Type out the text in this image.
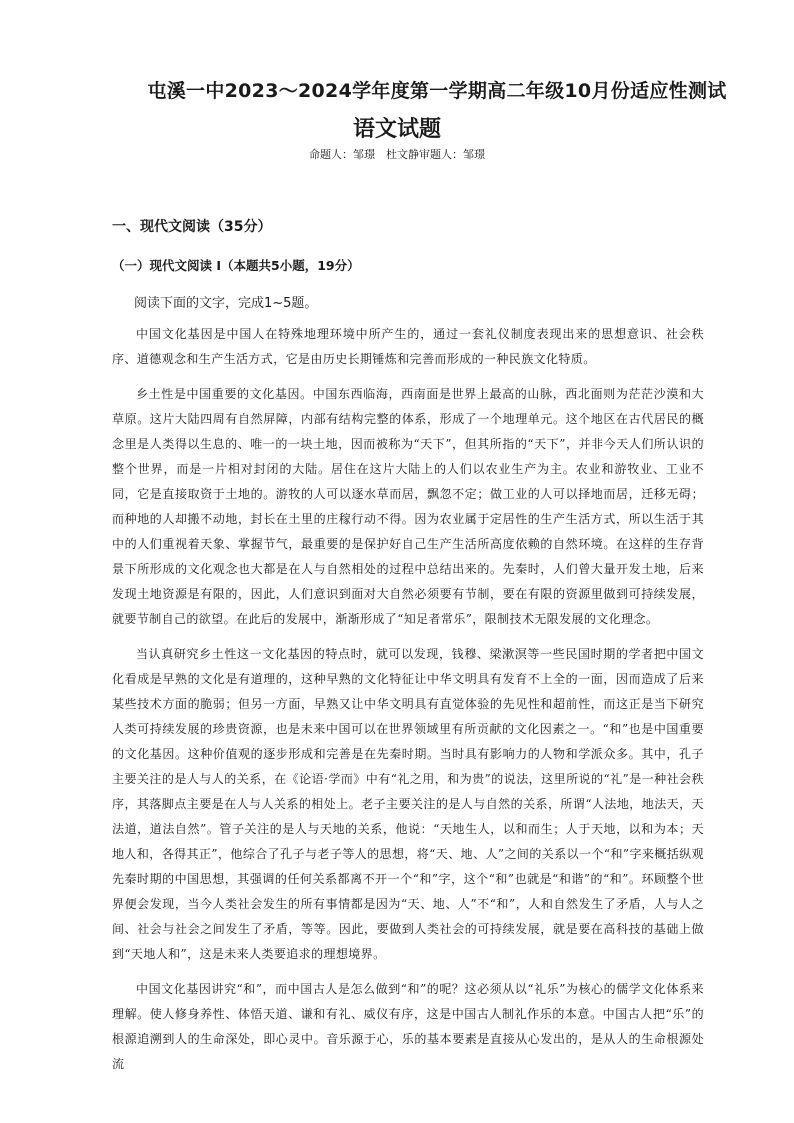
屯溪一中2023～2024学年度第一学期高二年级10月份适应性测试
语文试题
命题人：邹璟　杜文静审题人：邹璟
一、现代文阅读（35分）
（一）现代文阅读 I（本题共5小题，19分）
阅读下面的文字，完成1~5题。

中国文化基因是中国人在特殊地理环境中所产生的，通过一套礼仪制度表现出来的思想意识、社会秩序、道德观念和生产生活方式，它是由历史长期锤炼和完善而形成的一种民族文化特质。

乡土性是中国重要的文化基因。中国东西临海，西南面是世界上最高的山脉，西北面则为茫茫沙漠和大草原。这片大陆四周有自然屏障，内部有结构完整的体系，形成了一个地理单元。这个地区在古代居民的概念里是人类得以生息的、唯一的一块土地，因而被称为“天下”，但其所指的“天下”，并非今天人们所认识的整个世界，而是一片相对封闭的大陆。居住在这片大陆上的人们以农业生产为主。农业和游牧业、工业不同，它是直接取资于土地的。游牧的人可以逐水草而居，飘忽不定；做工业的人可以择地而居，迁移无碍；而种地的人却搬不动地，封长在土里的庄稼行动不得。因为农业属于定居性的生产生活方式，所以生活于其中的人们重视着天象、掌握节气，最重要的是保护好自己生产生活所高度依赖的自然环境。在这样的生存背景下所形成的文化观念也大都是在人与自然相处的过程中总结出来的。先秦时，人们曾大量开发土地，后来发现土地资源是有限的，因此，人们意识到面对大自然必须要有节制，要在有限的资源里做到可持续发展，就要节制自己的欲望。在此后的发展中，渐渐形成了“知足者常乐”，限制技术无限发展的文化理念。

当认真研究乡土性这一文化基因的特点时，就可以发现，钱穆、梁漱溟等一些民国时期的学者把中国文化看成是早熟的文化是有道理的，这种早熟的文化特征让中华文明具有发育不上全的一面，因而造成了后来某些技术方面的脆弱；但另一方面，早熟又让中华文明具有直觉体验的先见性和超前性，而这正是当下研究人类可持续发展的珍贵资源，也是未来中国可以在世界领域里有所贡献的文化因素之一。“和”也是中国重要的文化基因。这种价值观的逐步形成和完善是在先秦时期。当时具有影响力的人物和学派众多。其中，孔子主要关注的是人与人的关系，在《论语·学而》中有“礼之用，和为贵”的说法，这里所说的“礼”是一种社会秩序，其落脚点主要是在人与人关系的相处上。老子主要关注的是人与自然的关系，所谓“人法地，地法天，天法道，道法自然”。管子关注的是人与天地的关系，他说：“天地生人，以和而生；人于天地，以和为本；天地人和，各得其正”，他综合了孔子与老子等人的思想，将“天、地、人”之间的关系以一个“和”字来概括纵观先秦时期的中国思想，其强调的任何关系都离不开一个“和”字，这个“和”也就是“和谐”的“和”。环顾整个世界便会发现，当今人类社会发生的所有事情都是因为“天、地、人”不“和”，人和自然发生了矛盾，人与人之间、社会与社会之间发生了矛盾，等等。因此，要做到人类社会的可持续发展，就是要在高科技的基础上做到“天地人和”，这是未来人类要追求的理想境界。

中国文化基因讲究“和”，而中国古人是怎么做到“和”的呢？这必须从以“礼乐”为核心的儒学文化体系来理解。使人修身养性、体悟天道、谦和有礼、威仪有序，这是中国古人制礼作乐的本意。中国古人把“乐”的根源追溯到人的生命深处，即心灵中。音乐源于心，乐的基本要素是直接从心发出的，是从人的生命根源处流
